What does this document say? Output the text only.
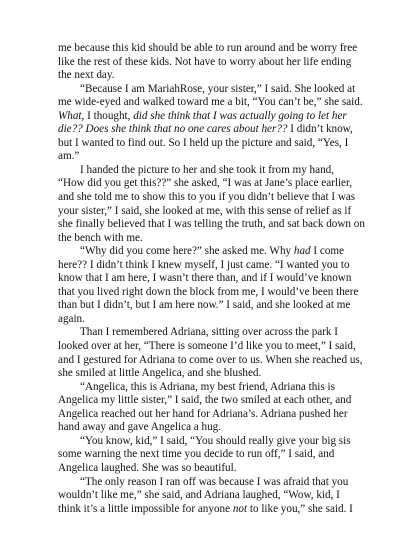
me because this kid should be able to run around and be worry free
like the rest of these kids. Not have to worry about her life ending
the next day.
“Because I am MariahRose, your sister,” I said. She looked at
me wide-eyed and walked toward me a bit, “You can’t be,” she said.
What, I thought, did she think that I was actually going to let her
die?? Does she think that no one cares about her?? I didn’t know,
but I wanted to find out. So I held up the picture and said, “Yes, I
am.”
I handed the picture to her and she took it from my hand,
“How did you get this??” she asked, “I was at Jane’s place earlier,
and she told me to show this to you if you didn’t believe that I was
your sister,” I said, she looked at me, with this sense of relief as if
she finally believed that I was telling the truth, and sat back down on
the bench with me.
“Why did you come here?” she asked me. Why had I come
here?? I didn’t think I knew myself, I just came. “I wanted you to
know that I am here, I wasn’t there than, and if I would’ve known
that you lived right down the block from me, I would’ve been there
than but I didn’t, but I am here now.” I said, and she looked at me
again.
Than I remembered Adriana, sitting over across the park I
looked over at her, “There is someone I’d like you to meet,” I said,
and I gestured for Adriana to come over to us. When she reached us,
she smiled at little Angelica, and she blushed.
“Angelica, this is Adriana, my best friend, Adriana this is
Angelica my little sister,” I said, the two smiled at each other, and
Angelica reached out her hand for Adriana’s. Adriana pushed her
hand away and gave Angelica a hug.
“You know, kid,” I said, “You should really give your big sis
some warning the next time you decide to run off,” I said, and
Angelica laughed. She was so beautiful.
“The only reason I ran off was because I was afraid that you
wouldn’t like me,” she said, and Adriana laughed, “Wow, kid, I
think it’s a little impossible for anyone not to like you,” she said. I
